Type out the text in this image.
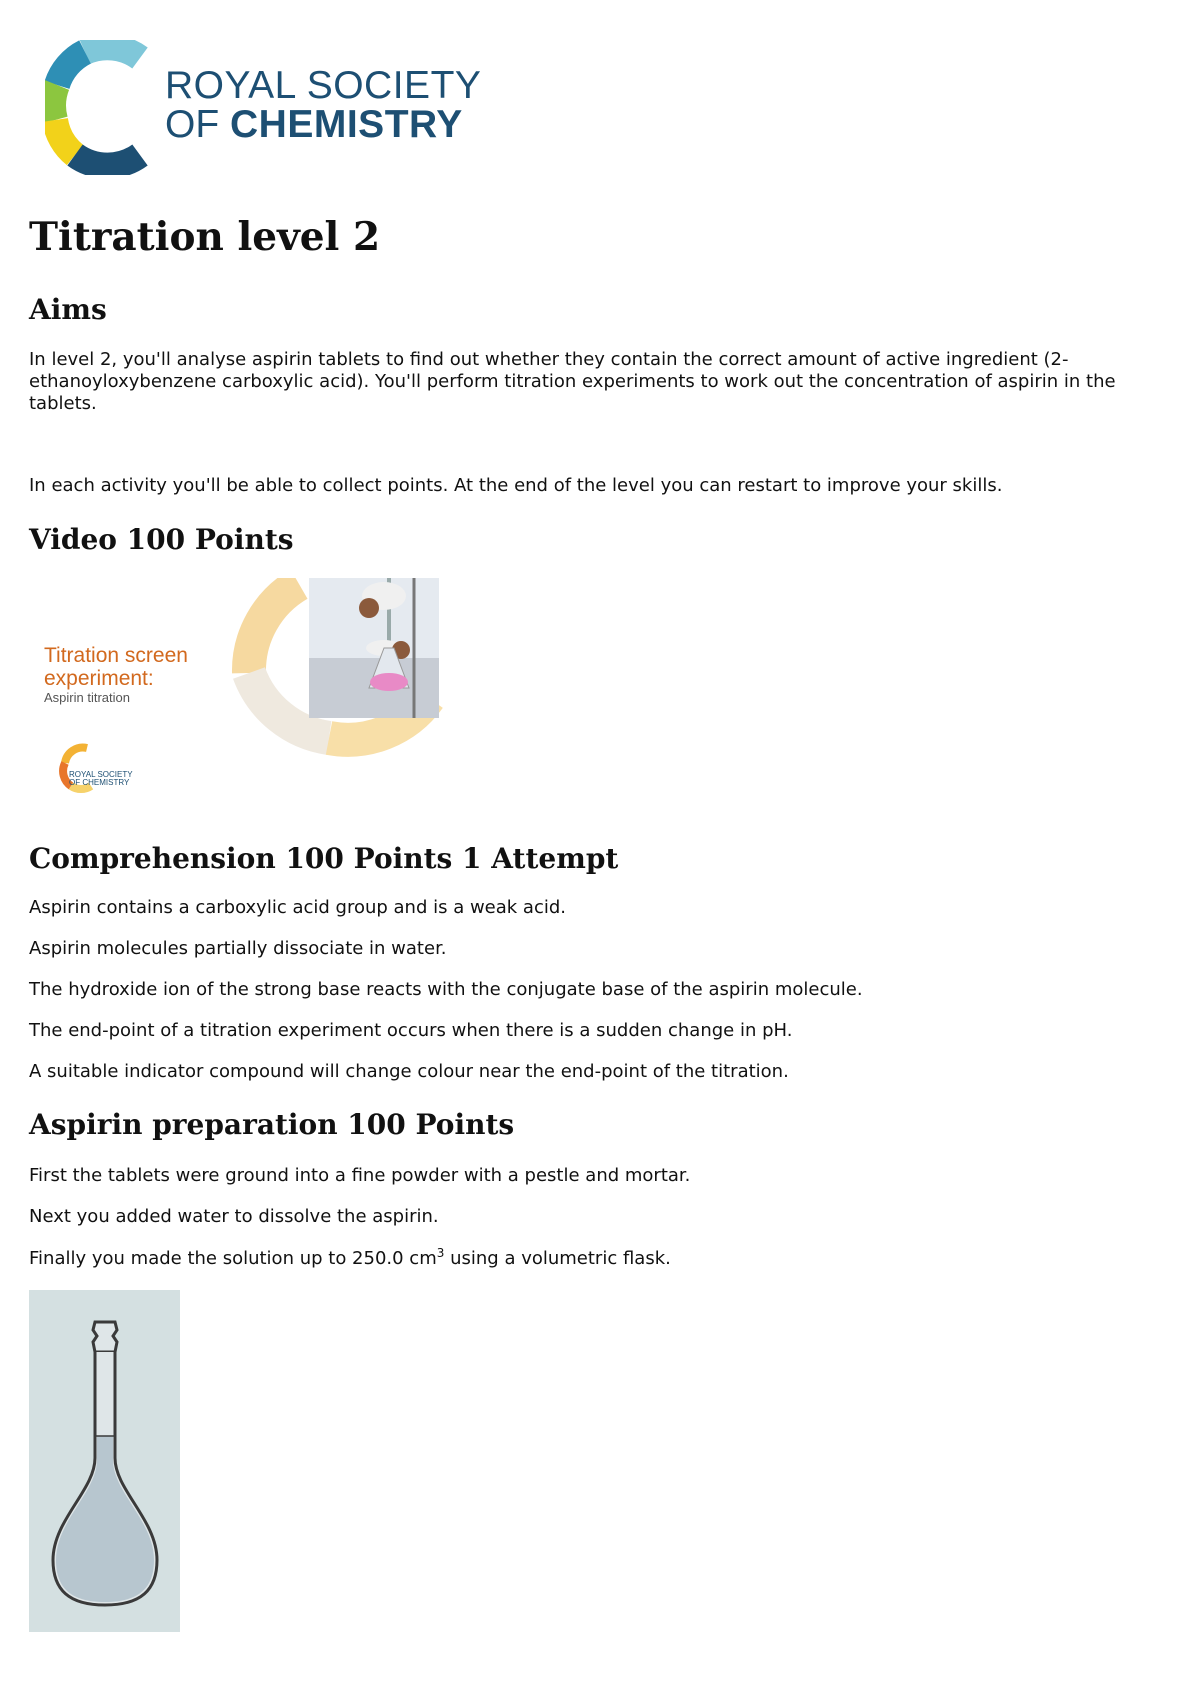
ROYAL SOCIETY
OF CHEMISTRY
Titration level 2
Aims

In level 2, you'll analyse aspirin tablets to find out whether they contain the correct amount of active ingredient (2-ethanoyloxybenzene carboxylic acid). You'll perform titration experiments to work out the concentration of aspirin in the tablets.

In each activity you'll be able to collect points. At the end of the level you can restart to improve your skills.

Video 100 Points
Titration screen
experiment:
Aspirin titration
ROYAL SOCIETY
OF CHEMISTRY
Comprehension 100 Points 1 Attempt

Aspirin contains a carboxylic acid group and is a weak acid.

Aspirin molecules partially dissociate in water.

The hydroxide ion of the strong base reacts with the conjugate base of the aspirin molecule.

The end-point of a titration experiment occurs when there is a sudden change in pH.

A suitable indicator compound will change colour near the end-point of the titration.

Aspirin preparation 100 Points

First the tablets were ground into a fine powder with a pestle and mortar.

Next you added water to dissolve the aspirin.

Finally you made the solution up to 250.0 $cm^3$ using a volumetric flask.
